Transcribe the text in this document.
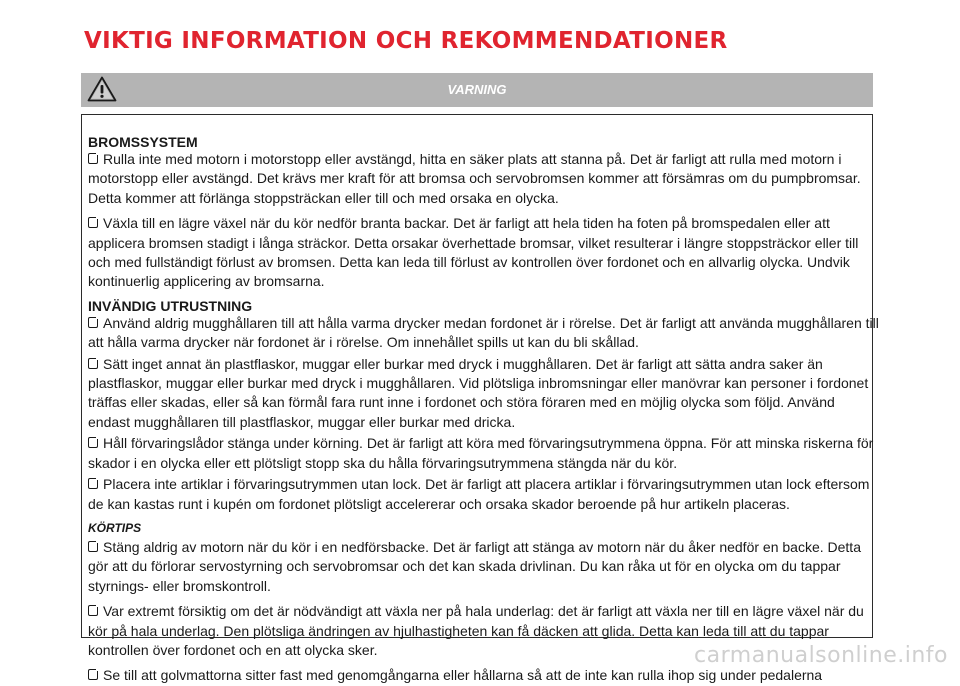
VIKTIG INFORMATION OCH REKOMMENDATIONER
VARNING
BROMSSYSTEM
Rulla inte med motorn i motorstopp eller avstängd, hitta en säker plats att stanna på. Det är farligt att rulla med motorn i
motorstopp eller avstängd. Det krävs mer kraft för att bromsa och servobromsen kommer att försämras om du pumpbromsar.
Detta kommer att förlänga stoppsträckan eller till och med orsaka en olycka.
Växla till en lägre växel när du kör nedför branta backar. Det är farligt att hela tiden ha foten på bromspedalen eller att
applicera bromsen stadigt i långa sträckor. Detta orsakar överhettade bromsar, vilket resulterar i längre stoppsträckor eller till
och med fullständigt förlust av bromsen. Detta kan leda till förlust av kontrollen över fordonet och en allvarlig olycka. Undvik
kontinuerlig applicering av bromsarna.
INVÄNDIG UTRUSTNING
Använd aldrig mugghållaren till att hålla varma drycker medan fordonet är i rörelse. Det är farligt att använda mugghållaren till
att hålla varma drycker när fordonet är i rörelse. Om innehållet spills ut kan du bli skållad.
Sätt inget annat än plastflaskor, muggar eller burkar med dryck i mugghållaren. Det är farligt att sätta andra saker än
plastflaskor, muggar eller burkar med dryck i mugghållaren. Vid plötsliga inbromsningar eller manövrar kan personer i fordonet
träffas eller skadas, eller så kan förmål fara runt inne i fordonet och störa föraren med en möjlig olycka som följd. Använd
endast mugghållaren till plastflaskor, muggar eller burkar med dricka.
Håll förvaringslådor stänga under körning. Det är farligt att köra med förvaringsutrymmena öppna. För att minska riskerna för
skador i en olycka eller ett plötsligt stopp ska du hålla förvaringsutrymmena stängda när du kör.
Placera inte artiklar i förvaringsutrymmen utan lock. Det är farligt att placera artiklar i förvaringsutrymmen utan lock eftersom
de kan kastas runt i kupén om fordonet plötsligt accelererar och orsaka skador beroende på hur artikeln placeras.
KÖRTIPS
Stäng aldrig av motorn när du kör i en nedförsbacke. Det är farligt att stänga av motorn när du åker nedför en backe. Detta
gör att du förlorar servostyrning och servobromsar och det kan skada drivlinan. Du kan råka ut för en olycka om du tappar
styrnings- eller bromskontroll.
Var extremt försiktig om det är nödvändigt att växla ner på hala underlag: det är farligt att växla ner till en lägre växel när du
kör på hala underlag. Den plötsliga ändringen av hjulhastigheten kan få däcken att glida. Detta kan leda till att du tappar
kontrollen över fordonet och en att olycka sker.
Se till att golvmattorna sitter fast med genomgångarna eller hållarna så att de inte kan rulla ihop sig under pedalerna
carmanualsonline.info
